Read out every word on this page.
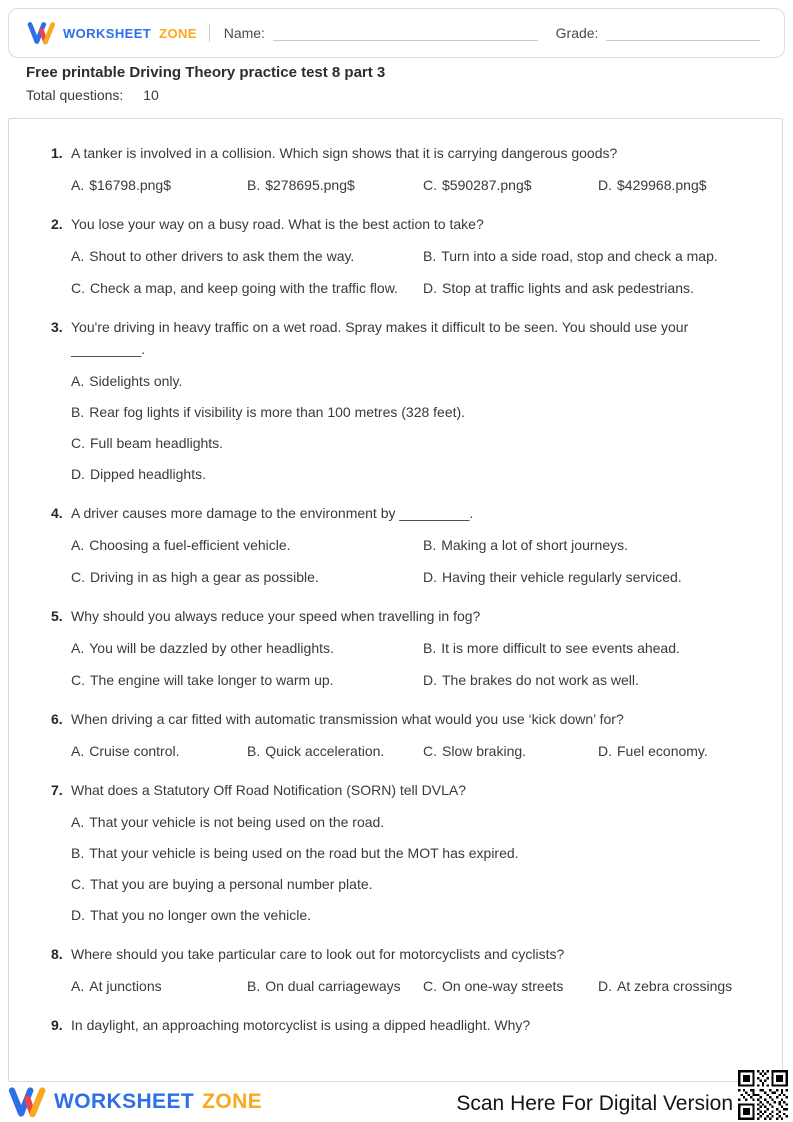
WORKSHEET ZONE Name:	Grade:
Free printable Driving Theory practice test 8 part 3
Total questions: 10
1. A tanker is involved in a collision. Which sign shows that it is carrying dangerous goods?
A. $16798.png$	B. $278695.png$	C. $590287.png$	D. $429968.png$
2. You lose your way on a busy road. What is the best action to take?
A. Shout to other drivers to ask them the way.	B. Turn into a side road, stop and check a map.
C. Check a map, and keep going with the traffic flow.	D. Stop at traffic lights and ask pedestrians.
3. You're driving in heavy traffic on a wet road. Spray makes it difficult to be seen. You should use your
_________.
A. Sidelights only.
B. Rear fog lights if visibility is more than 100 metres (328 feet).
C. Full beam headlights.
D. Dipped headlights.
4. A driver causes more damage to the environment by _________.
A. Choosing a fuel-efficient vehicle.	B. Making a lot of short journeys.
C. Driving in as high a gear as possible.	D. Having their vehicle regularly serviced.
5. Why should you always reduce your speed when travelling in fog?
A. You will be dazzled by other headlights.	B. It is more difficult to see events ahead.
C. The engine will take longer to warm up.	D. The brakes do not work as well.
6. When driving a car fitted with automatic transmission what would you use ‘kick down’ for?
A. Cruise control.	B. Quick acceleration.	C. Slow braking.	D. Fuel economy.
7. What does a Statutory Off Road Notification (SORN) tell DVLA?
A. That your vehicle is not being used on the road.
B. That your vehicle is being used on the road but the MOT has expired.
C. That you are buying a personal number plate.
D. That you no longer own the vehicle.
8. Where should you take particular care to look out for motorcyclists and cyclists?
A. At junctions	B. On dual carriageways	C. On one-way streets	D. At zebra crossings
9. In daylight, an approaching motorcyclist is using a dipped headlight. Why?
WORKSHEET ZONE	Scan Here For Digital Version
